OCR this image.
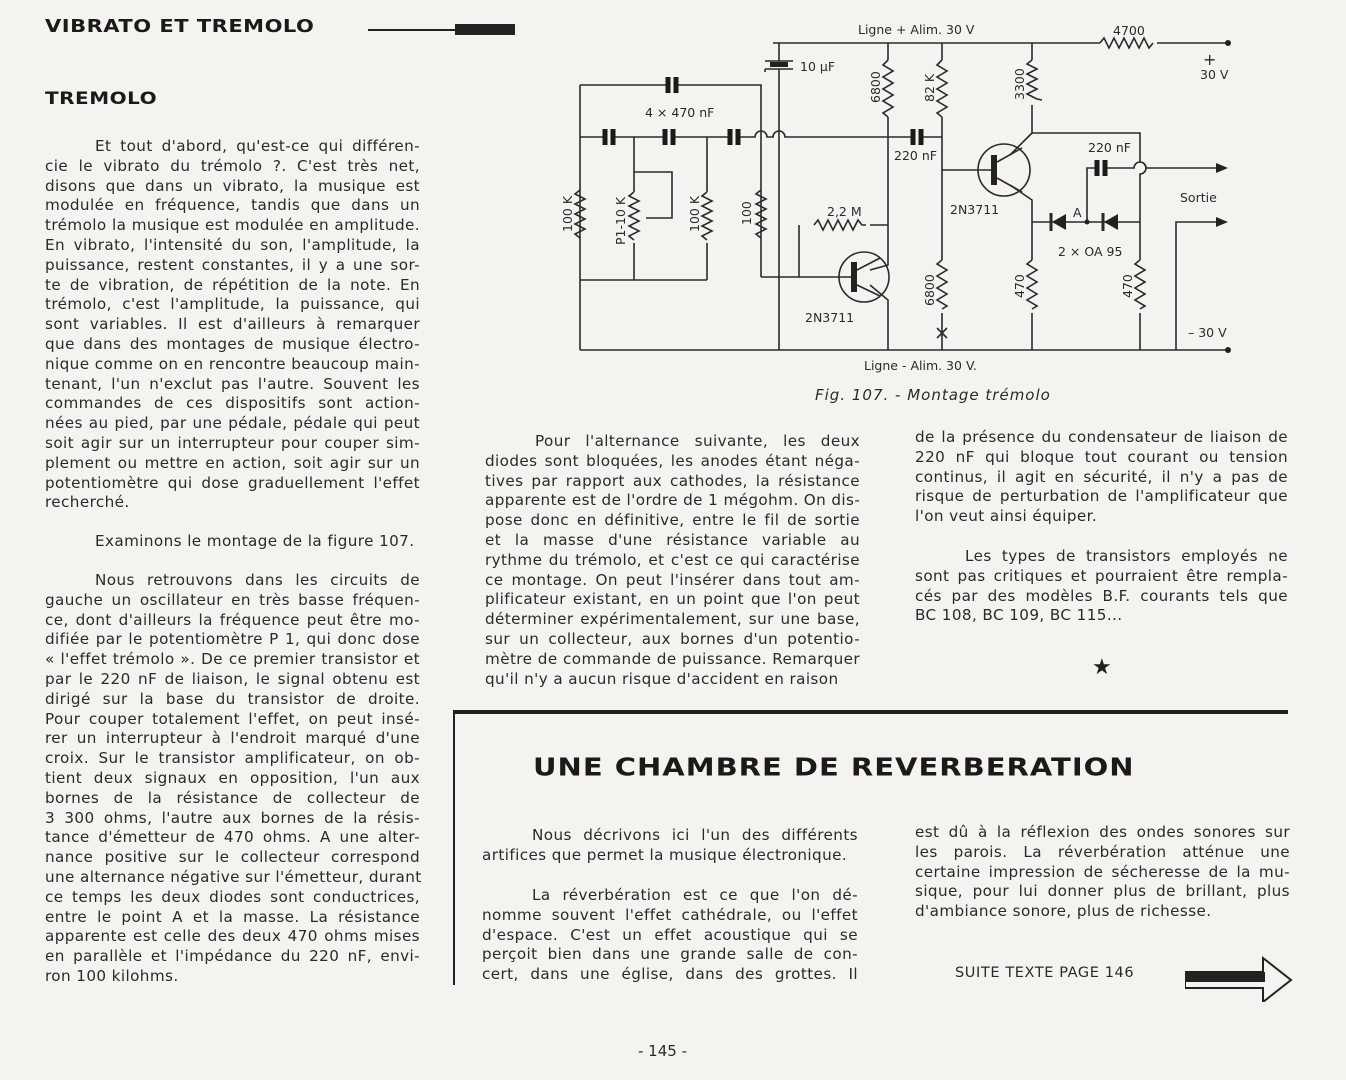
VIBRATO ET TREMOLO
TREMOLO
Et tout d'abord, qu'est-ce qui différen-
cie le vibrato du trémolo ?. C'est très net,
disons que dans un vibrato, la musique est
modulée en fréquence, tandis que dans un
trémolo la musique est modulée en amplitude.
En vibrato, l'intensité du son, l'amplitude, la
puissance, restent constantes, il y a une sor-
te de vibration, de répétition de la note. En
trémolo, c'est l'amplitude, la puissance, qui
sont variables. Il est d'ailleurs à remarquer
que dans des montages de musique électro-
nique comme on en rencontre beaucoup main-
tenant, l'un n'exclut pas l'autre. Souvent les
commandes de ces dispositifs sont action-
nées au pied, par une pédale, pédale qui peut
soit agir sur un interrupteur pour couper sim-
plement ou mettre en action, soit agir sur un
potentiomètre qui dose graduellement l'effet
recherché.
Examinons le montage de la figure 107.
Nous retrouvons dans les circuits de
gauche un oscillateur en très basse fréquen-
ce, dont d'ailleurs la fréquence peut être mo-
difiée par le potentiomètre P 1, qui donc dose
« l'effet trémolo ». De ce premier transistor et
par le 220 nF de liaison, le signal obtenu est
dirigé sur la base du transistor de droite.
Pour couper totalement l'effet, on peut insé-
rer un interrupteur à l'endroit marqué d'une
croix. Sur le transistor amplificateur, on ob-
tient deux signaux en opposition, l'un aux
bornes de la résistance de collecteur de
3 300 ohms, l'autre aux bornes de la résis-
tance d'émetteur de 470 ohms. A une alter-
nance positive sur le collecteur correspond
une alternance négative sur l'émetteur, durant
ce temps les deux diodes sont conductrices,
entre le point A et la masse. La résistance
apparente est celle des deux 470 ohms mises
en parallèle et l'impédance du 220 nF, envi-
ron 100 kilohms.
Ligne + Alim. 30 V	4700
+
30 V
– 30 V
10 µF
4 × 470 nF
100 K	P1-10 K	100 K	100
6800	82 K
220 nF
2,2 M
2N3711
2N3711
6800
3300
220 nF
A
2 × OA 95
470	470
Sortie
Ligne - Alim. 30 V.
Fig. 107. - Montage trémolo
Pour l'alternance suivante, les deux
diodes sont bloquées, les anodes étant néga-
tives par rapport aux cathodes, la résistance
apparente est de l'ordre de 1 mégohm. On dis-
pose donc en définitive, entre le fil de sortie
et la masse d'une résistance variable au
rythme du trémolo, et c'est ce qui caractérise
ce montage. On peut l'insérer dans tout am-
plificateur existant, en un point que l'on peut
déterminer expérimentalement, sur une base,
sur un collecteur, aux bornes d'un potentio-
mètre de commande de puissance. Remarquer
qu'il n'y a aucun risque d'accident en raison
de la présence du condensateur de liaison de
220 nF qui bloque tout courant ou tension
continus, il agit en sécurité, il n'y a pas de
risque de perturbation de l'amplificateur que
l'on veut ainsi équiper.
Les types de transistors employés ne
sont pas critiques et pourraient être rempla-
cés par des modèles B.F. courants tels que
BC 108, BC 109, BC 115...
★
UNE CHAMBRE DE REVERBERATION
Nous décrivons ici l'un des différents
artifices que permet la musique électronique.
La réverbération est ce que l'on dé-
nomme souvent l'effet cathédrale, ou l'effet
d'espace. C'est un effet acoustique qui se
perçoit bien dans une grande salle de con-
cert, dans une église, dans des grottes. Il
est dû à la réflexion des ondes sonores sur
les parois. La réverbération atténue une
certaine impression de sécheresse de la mu-
sique, pour lui donner plus de brillant, plus
d'ambiance sonore, plus de richesse.
SUITE TEXTE PAGE 146
- 145 -
